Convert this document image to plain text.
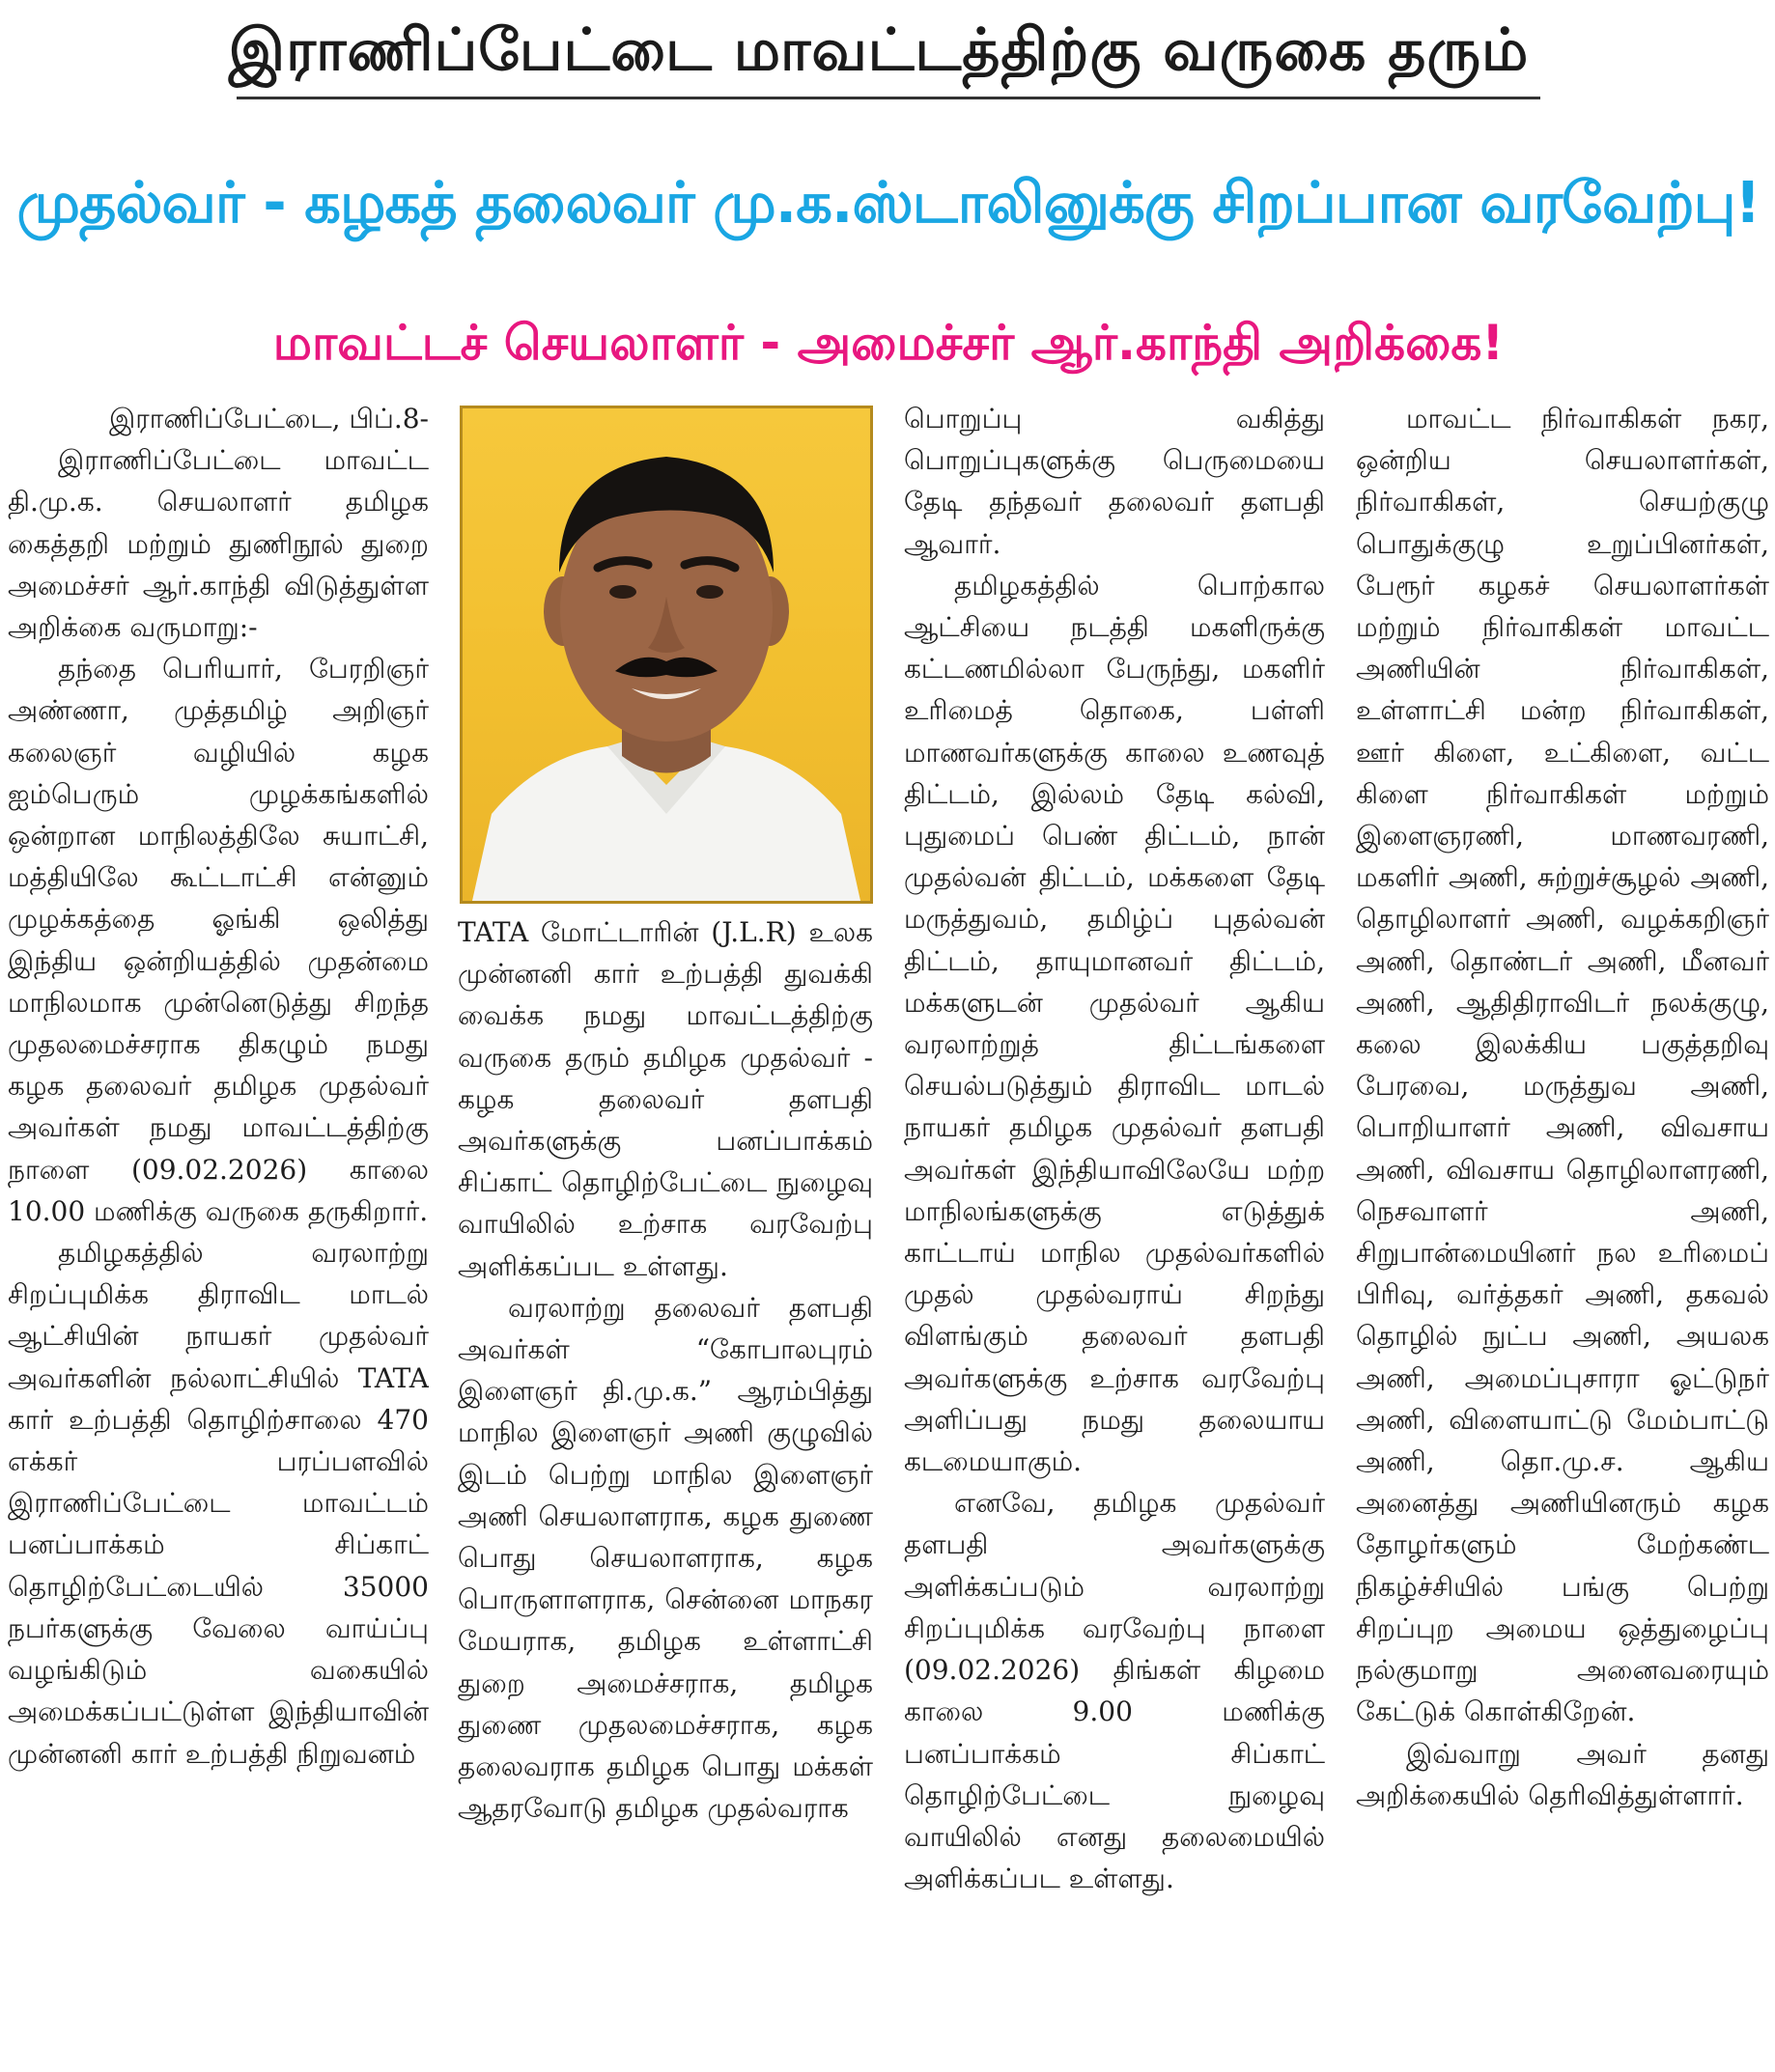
இராணிப்பேட்டை மாவட்டத்திற்கு வருகை தரும்
முதல்வர் - கழகத் தலைவர் மு.க.ஸ்டாலினுக்கு சிறப்பான வரவேற்பு!
மாவட்டச் செயலாளர் - அமைச்சர் ஆர்.காந்தி அறிக்கை!

இராணிப்பேட்டை, பிப்.8-

இராணிப்பேட்டை மாவட்ட தி.மு.க. செயலாளர் தமிழக கைத்தறி மற்றும் துணிநூல் துறை அமைச்சர் ஆர்.காந்தி விடுத்துள்ள அறிக்கை வருமாறு:-

தந்தை பெரியார், பேரறிஞர் அண்ணா, முத்தமிழ் அறிஞர் கலைஞர் வழியில் கழக ஐம்பெரும் முழக்கங்களில் ஒன்றான மாநிலத்திலே சுயாட்சி, மத்தியிலே கூட்டாட்சி என்னும் முழக்கத்தை ஓங்கி ஒலித்து இந்திய ஒன்றியத்தில் முதன்மை மாநிலமாக முன்னெடுத்து சிறந்த முதலமைச்சராக திகழும் நமது கழக தலைவர் தமிழக முதல்வர் அவர்கள் நமது மாவட்டத்திற்கு நாளை (09.02.2026) காலை 10.00 மணிக்கு வருகை தருகிறார்.

தமிழகத்தில் வரலாற்று சிறப்புமிக்க திராவிட மாடல் ஆட்சியின் நாயகர் முதல்வர் அவர்களின் நல்லாட்சியில் TATA கார் உற்பத்தி தொழிற்சாலை 470 எக்கர் பரப்பளவில் இராணிப்பேட்டை மாவட்டம் பனப்பாக்கம் சிப்காட் தொழிற்பேட்டையில் 35000 நபர்களுக்கு வேலை வாய்ப்பு வழங்கிடும் வகையில் அமைக்கப்பட்டுள்ள இந்தியாவின் முன்னனி கார் உற்பத்தி நிறுவனம்

TATA மோட்டாரின் (J.L.R) உலக முன்னனி கார் உற்பத்தி துவக்கி வைக்க நமது மாவட்டத்திற்கு வருகை தரும் தமிழக முதல்வர் - கழக தலைவர் தளபதி அவர்களுக்கு பனப்பாக்கம் சிப்காட் தொழிற்பேட்டை நுழைவு வாயிலில் உற்சாக வரவேற்பு அளிக்கப்பட உள்ளது.

வரலாற்று தலைவர் தளபதி அவர்கள் “கோபாலபுரம் இளைஞர் தி.மு.க.” ஆரம்பித்து மாநில இளைஞர் அணி குழுவில் இடம் பெற்று மாநில இளைஞர் அணி செயலாளராக, கழக துணை பொது செயலாளராக, கழக பொருளாளராக, சென்னை மாநகர மேயராக, தமிழக உள்ளாட்சி துறை அமைச்சராக, தமிழக துணை முதலமைச்சராக, கழக தலைவராக தமிழக பொது மக்கள் ஆதரவோடு தமிழக முதல்வராக

பொறுப்பு வகித்து பொறுப்புகளுக்கு பெருமையை தேடி தந்தவர் தலைவர் தளபதி ஆவார்.

தமிழகத்தில் பொற்கால ஆட்சியை நடத்தி மகளிருக்கு கட்டணமில்லா பேருந்து, மகளிர் உரிமைத் தொகை, பள்ளி மாணவர்களுக்கு காலை உணவுத் திட்டம், இல்லம் தேடி கல்வி, புதுமைப் பெண் திட்டம், நான் முதல்வன் திட்டம், மக்களை தேடி மருத்துவம், தமிழ்ப் புதல்வன் திட்டம், தாயுமானவர் திட்டம், மக்களுடன் முதல்வர் ஆகிய வரலாற்றுத் திட்டங்களை செயல்படுத்தும் திராவிட மாடல் நாயகர் தமிழக முதல்வர் தளபதி அவர்கள் இந்தியாவிலேயே மற்ற மாநிலங்களுக்கு எடுத்துக் காட்டாய் மாநில முதல்வர்களில் முதல் முதல்வராய் சிறந்து விளங்கும் தலைவர் தளபதி அவர்களுக்கு உற்சாக வரவேற்பு அளிப்பது நமது தலையாய கடமையாகும்.

எனவே, தமிழக முதல்வர் தளபதி அவர்களுக்கு அளிக்கப்படும் வரலாற்று சிறப்புமிக்க வரவேற்பு நாளை (09.02.2026) திங்கள் கிழமை காலை 9.00 மணிக்கு பனப்பாக்கம் சிப்காட் தொழிற்பேட்டை நுழைவு வாயிலில் எனது தலைமையில் அளிக்கப்பட உள்ளது.

மாவட்ட நிர்வாகிகள் நகர, ஒன்றிய செயலாளர்கள், நிர்வாகிகள், செயற்குழு பொதுக்குழு உறுப்பினர்கள், பேரூர் கழகச் செயலாளர்கள் மற்றும் நிர்வாகிகள் மாவட்ட அணியின் நிர்வாகிகள், உள்ளாட்சி மன்ற நிர்வாகிகள், ஊர் கிளை, உட்கிளை, வட்ட கிளை நிர்வாகிகள் மற்றும் இளைஞரணி, மாணவரணி, மகளிர் அணி, சுற்றுச்சூழல் அணி, தொழிலாளர் அணி, வழக்கறிஞர் அணி, தொண்டர் அணி, மீனவர் அணி, ஆதிதிராவிடர் நலக்குழு, கலை இலக்கிய பகுத்தறிவு பேரவை, மருத்துவ அணி, பொறியாளர் அணி, விவசாய அணி, விவசாய தொழிலாளரணி, நெசவாளர் அணி, சிறுபான்மையினர் நல உரிமைப் பிரிவு, வர்த்தகர் அணி, தகவல் தொழில் நுட்ப அணி, அயலக அணி, அமைப்புசாரா ஓட்டுநர் அணி, விளையாட்டு மேம்பாட்டு அணி, தொ.மு.ச. ஆகிய அனைத்து அணியினரும் கழக தோழர்களும் மேற்கண்ட நிகழ்ச்சியில் பங்கு பெற்று சிறப்புற அமைய ஒத்துழைப்பு நல்குமாறு அனைவரையும் கேட்டுக் கொள்கிறேன்.

இவ்வாறு அவர் தனது அறிக்கையில் தெரிவித்துள்ளார்.
